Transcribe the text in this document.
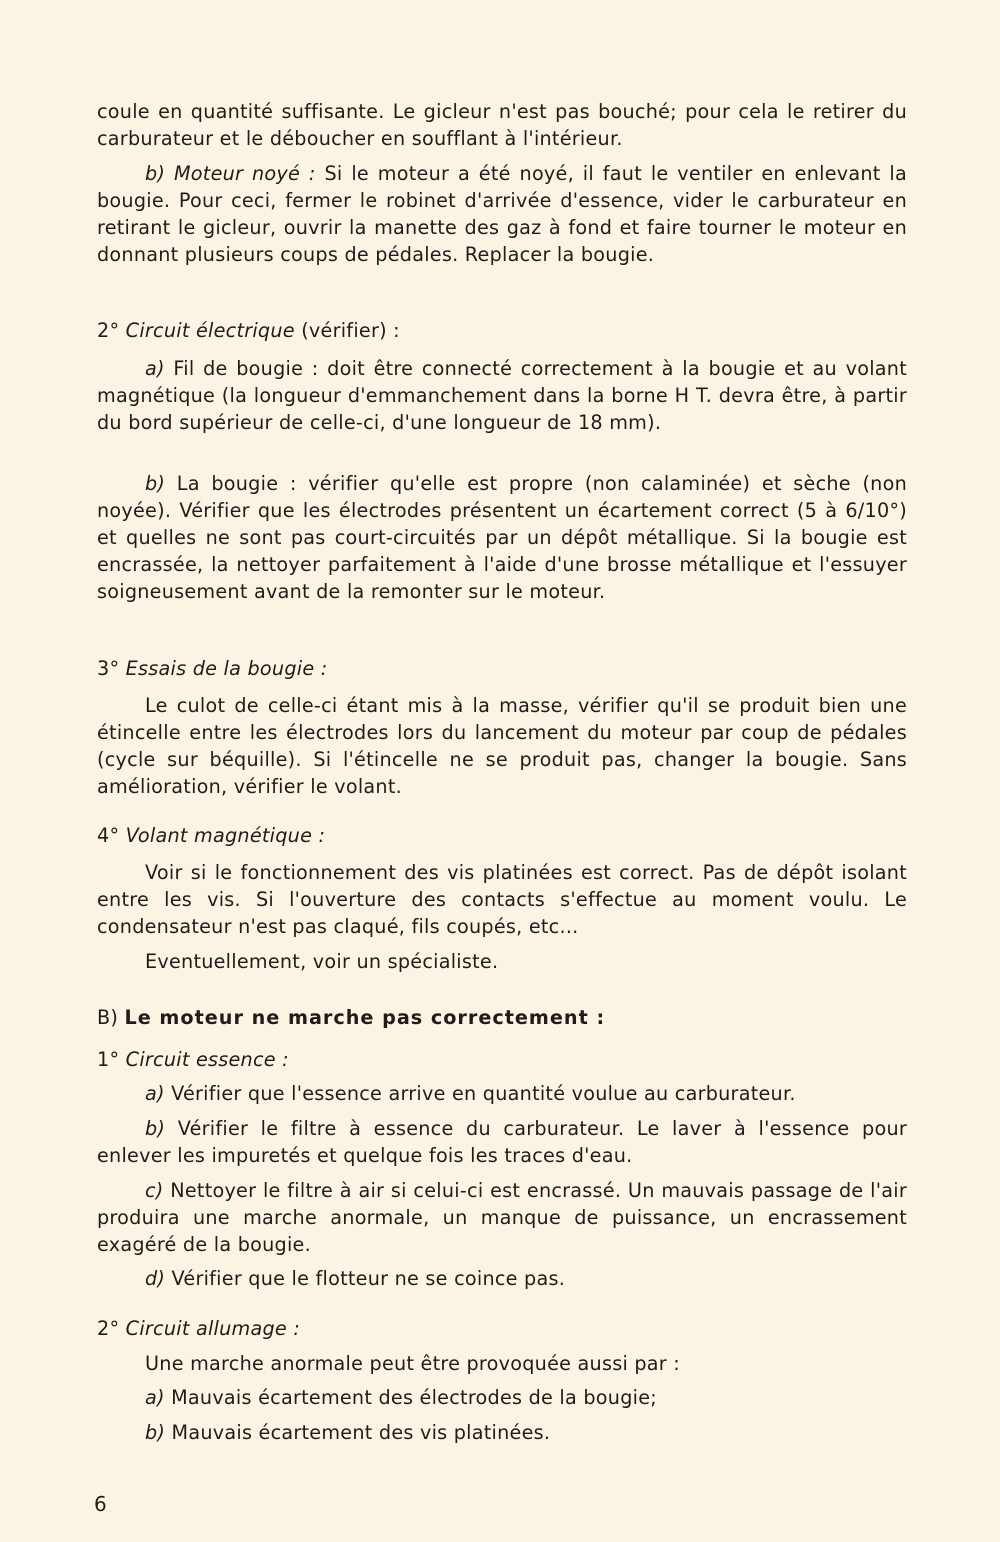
coule en quantité suffisante. Le gicleur n'est pas bouché; pour cela le retirer du carburateur et le déboucher en soufflant à l'intérieur.

b) Moteur noyé : Si le moteur a été noyé, il faut le ventiler en enlevant la bougie. Pour ceci, fermer le robinet d'arrivée d'essence, vider le carburateur en retirant le gicleur, ouvrir la manette des gaz à fond et faire tourner le moteur en donnant plusieurs coups de pédales. Replacer la bougie.

2° Circuit électrique (vérifier) :

a) Fil de bougie : doit être connecté correctement à la bougie et au volant magnétique (la longueur d'emmanchement dans la borne H T. devra être, à partir du bord supérieur de celle-ci, d'une longueur de 18 mm).

b) La bougie : vérifier qu'elle est propre (non calaminée) et sèche (non noyée). Vérifier que les électrodes présentent un écartement correct (5 à 6/10°) et quelles ne sont pas court-circuités par un dépôt métallique. Si la bougie est encrassée, la nettoyer parfaitement à l'aide d'une brosse métallique et l'essuyer soigneusement avant de la remonter sur le moteur.

3° Essais de la bougie :

Le culot de celle-ci étant mis à la masse, vérifier qu'il se produit bien une étincelle entre les électrodes lors du lancement du moteur par coup de pédales (cycle sur béquille). Si l'étincelle ne se produit pas, changer la bougie. Sans amélioration, vérifier le volant.

4° Volant magnétique :

Voir si le fonctionnement des vis platinées est correct. Pas de dépôt isolant entre les vis. Si l'ouverture des contacts s'effectue au moment voulu. Le condensateur n'est pas claqué, fils coupés, etc...

Eventuellement, voir un spécialiste.

B) Le moteur ne marche pas correctement :

1° Circuit essence :

a) Vérifier que l'essence arrive en quantité voulue au carburateur.

b) Vérifier le filtre à essence du carburateur. Le laver à l'essence pour enlever les impuretés et quelque fois les traces d'eau.

c) Nettoyer le filtre à air si celui-ci est encrassé. Un mauvais passage de l'air produira une marche anormale, un manque de puissance, un encrassement exagéré de la bougie.

d) Vérifier que le flotteur ne se coince pas.

2° Circuit allumage :

Une marche anormale peut être provoquée aussi par :

a) Mauvais écartement des électrodes de la bougie;

b) Mauvais écartement des vis platinées.

6
